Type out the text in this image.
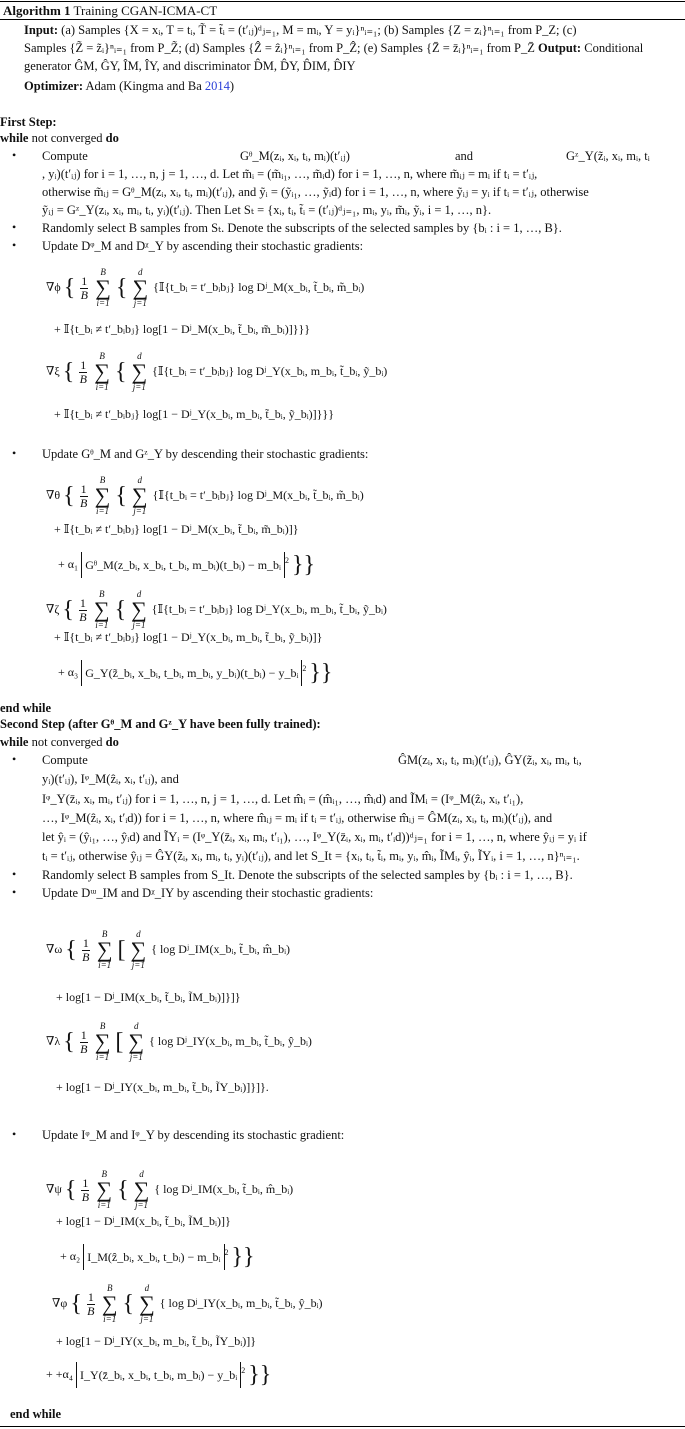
Algorithm 1 Training CGAN-ICMA-CT
Input: (a) Samples {X = xᵢ, T = tᵢ, T̃ = t̃ᵢ = (t′ᵢⱼ)ᵈⱼ₌₁, M = mᵢ, Y = yᵢ}ⁿᵢ₌₁; (b) Samples {Z = zᵢ}ⁿᵢ₌₁ from P_Z; (c)
Samples {Z̃ = z̃ᵢ}ⁿᵢ₌₁ from P_Z̃; (d) Samples {Ẑ = ẑᵢ}ⁿᵢ₌₁ from P_Ẑ; (e) Samples {Z̄ = z̄ᵢ}ⁿᵢ₌₁ from P_Z̄ Output: Conditional
generator ĜM, ĜY, ÎM, ÎY, and discriminator D̂M, D̂Y, D̂IM, D̂IY
Optimizer: Adam (Kingma and Ba 2014)
First Step:
while not converged do
• Compute	Gᶿ_M(zᵢ, xᵢ, tᵢ, mᵢ)(t′ᵢⱼ)	and	Gᶻ_Y(z̃ᵢ, xᵢ, mᵢ, tᵢ
, yᵢ)(t′ᵢⱼ) for i = 1, …, n, j = 1, …, d. Let m̃ᵢ = (m̃ᵢ₁, …, m̃ᵢd) for i = 1, …, n, where m̃ᵢⱼ = mᵢ if tᵢ = t′ᵢⱼ,
otherwise m̃ᵢⱼ = Gᶿ_M(zᵢ, xᵢ, tᵢ, mᵢ)(t′ᵢⱼ), and ỹᵢ = (ỹᵢ₁, …, ỹᵢd) for i = 1, …, n, where ỹᵢⱼ = yᵢ if tᵢ = t′ᵢⱼ, otherwise
ỹᵢⱼ = Gᶻ_Y(zᵢ, xᵢ, mᵢ, tᵢ, yᵢ)(t′ᵢⱼ). Then Let Sₜ = {xᵢ, tᵢ, t̃ᵢ = (t′ᵢⱼ)ᵈⱼ₌₁, mᵢ, yᵢ, m̃ᵢ, ỹᵢ, i = 1, …, n}.
• Randomly select B samples from Sₜ. Denote the subscripts of the selected samples by {bᵢ : i = 1, …, B}.
• Update Dᵠ_M and Dᵡ_Y by ascending their stochastic gradients:
∇ϕ { $\frac{1}{B}$

B
∑
i=1
{
d
∑
j=1
{𝕀{t_bᵢ = t′_bᵢbⱼ} log Dʲ_M(x_bᵢ, t̃_bᵢ, m̃_bᵢ)
+ 𝕀{t_bᵢ ≠ t′_bᵢbⱼ} log[1 − Dʲ_M(x_bᵢ, t̃_bᵢ, m̃_bᵢ)]}}}
∇ξ { $\frac{1}{B}$

B
∑
i=1
{
d
∑
j=1
{𝕀{t_bᵢ = t′_bᵢbⱼ} log Dʲ_Y(x_bᵢ, m_bᵢ, t̃_bᵢ, ỹ_bᵢ)
+ 𝕀{t_bᵢ ≠ t′_bᵢbⱼ} log[1 − Dʲ_Y(x_bᵢ, m_bᵢ, t̃_bᵢ, ỹ_bᵢ)]}}}
• Update Gᶿ_M and Gᶻ_Y by descending their stochastic gradients:
∇θ { $\frac{1}{B}$

B
∑
i=1
{
d
∑
j=1
{𝕀{t_bᵢ = t′_bᵢbⱼ} log Dʲ_M(x_bᵢ, t̃_bᵢ, m̃_bᵢ)
+ 𝕀{t_bᵢ ≠ t′_bᵢbⱼ} log[1 − Dʲ_M(x_bᵢ, t̃_bᵢ, m̃_bᵢ)]}
+ α₁ Gᶿ_M(z_bᵢ, x_bᵢ, t_bᵢ, m_bᵢ)(t_bᵢ) − m_bᵢ $^2$ }}
∇ζ { $\frac{1}{B}$

B
∑
i=1
{
d
∑
j=1
{𝕀{t_bᵢ = t′_bᵢbⱼ} log Dʲ_Y(x_bᵢ, m_bᵢ, t̃_bᵢ, ỹ_bᵢ)
+ 𝕀{t_bᵢ ≠ t′_bᵢbⱼ} log[1 − Dʲ_Y(x_bᵢ, m_bᵢ, t̃_bᵢ, ỹ_bᵢ)]}
+ α₃ G_Y(z̃_bᵢ, x_bᵢ, t_bᵢ, m_bᵢ, y_bᵢ)(t_bᵢ) − y_bᵢ $^2$ }}
end while
Second Step (after Gᶿ_M and Gᶻ_Y have been fully trained):
while not converged do
• Compute	ĜM(zᵢ, xᵢ, tᵢ, mᵢ)(t′ᵢⱼ), ĜY(z̃ᵢ, xᵢ, mᵢ, tᵢ,
yᵢ)(t′ᵢⱼ), Iᵠ_M(ẑᵢ, xᵢ, t′ᵢⱼ), and
Iᵠ_Y(z̄ᵢ, xᵢ, mᵢ, t′ᵢⱼ) for i = 1, …, n, j = 1, …, d. Let m̂ᵢ = (m̂ᵢ₁, …, m̂ᵢd) and ĨMᵢ = (Iᵠ_M(ẑᵢ, xᵢ, t′ᵢ₁),
…, Iᵠ_M(ẑᵢ, xᵢ, t′ᵢd)) for i = 1, …, n, where m̂ᵢⱼ = mᵢ if tᵢ = t′ᵢⱼ, otherwise m̂ᵢⱼ = ĜM(zᵢ, xᵢ, tᵢ, mᵢ)(t′ᵢⱼ), and
let ŷᵢ = (ŷᵢ₁, …, ŷᵢd) and ĨYᵢ = (Iᵠ_Y(z̄ᵢ, xᵢ, mᵢ, t′ᵢ₁), …, Iᵠ_Y(z̄ᵢ, xᵢ, mᵢ, t′ᵢd))ᵈⱼ₌₁ for i = 1, …, n, where ŷᵢⱼ = yᵢ if
tᵢ = t′ᵢⱼ, otherwise ŷᵢⱼ = ĜY(z̃ᵢ, xᵢ, mᵢ, tᵢ, yᵢ)(t′ᵢⱼ), and let S_It = {xᵢ, tᵢ, t̃ᵢ, mᵢ, yᵢ, m̂ᵢ, ĨMᵢ, ŷᵢ, ĨYᵢ, i = 1, …, n}ⁿᵢ₌₁.
• Randomly select B samples from S_It. Denote the subscripts of the selected samples by {bᵢ : i = 1, …, B}.
• Update Dᵚ_IM and Dᵡ_IY by ascending their stochastic gradients:
∇ω { $\frac{1}{B}$

B
∑
i=1
[
d
∑
j=1
{ log Dʲ_IM(x_bᵢ, t̃_bᵢ, m̂_bᵢ)
+ log[1 − Dʲ_IM(x_bᵢ, t̃_bᵢ, ĨM_bᵢ)]}]}
∇λ { $\frac{1}{B}$

B
∑
i=1
[
d
∑
j=1
{ log Dʲ_IY(x_bᵢ, m_bᵢ, t̃_bᵢ, ŷ_bᵢ)
+ log[1 − Dʲ_IY(x_bᵢ, m_bᵢ, t̃_bᵢ, ĨY_bᵢ)]}]}.
• Update Iᵠ_M and Iᵠ_Y by descending its stochastic gradient:
∇ψ { $\frac{1}{B}$

B
∑
i=1
{
d
∑
j=1
{ log Dʲ_IM(x_bᵢ, t̃_bᵢ, m̂_bᵢ)
+ log[1 − Dʲ_IM(x_bᵢ, t̃_bᵢ, ĨM_bᵢ)]}
+ α₂ I_M(ẑ_bᵢ, x_bᵢ, t_bᵢ) − m_bᵢ $^2$ }}
∇φ { $\frac{1}{B}$

B
∑
i=1
{
d
∑
j=1
{ log Dʲ_IY(x_bᵢ, m_bᵢ, t̃_bᵢ, ŷ_bᵢ)
+ log[1 − Dʲ_IY(x_bᵢ, m_bᵢ, t̃_bᵢ, ĨY_bᵢ)]}
+ +α₄ I_Y(z̄_bᵢ, x_bᵢ, t_bᵢ, m_bᵢ) − y_bᵢ $^2$ }}
end while
